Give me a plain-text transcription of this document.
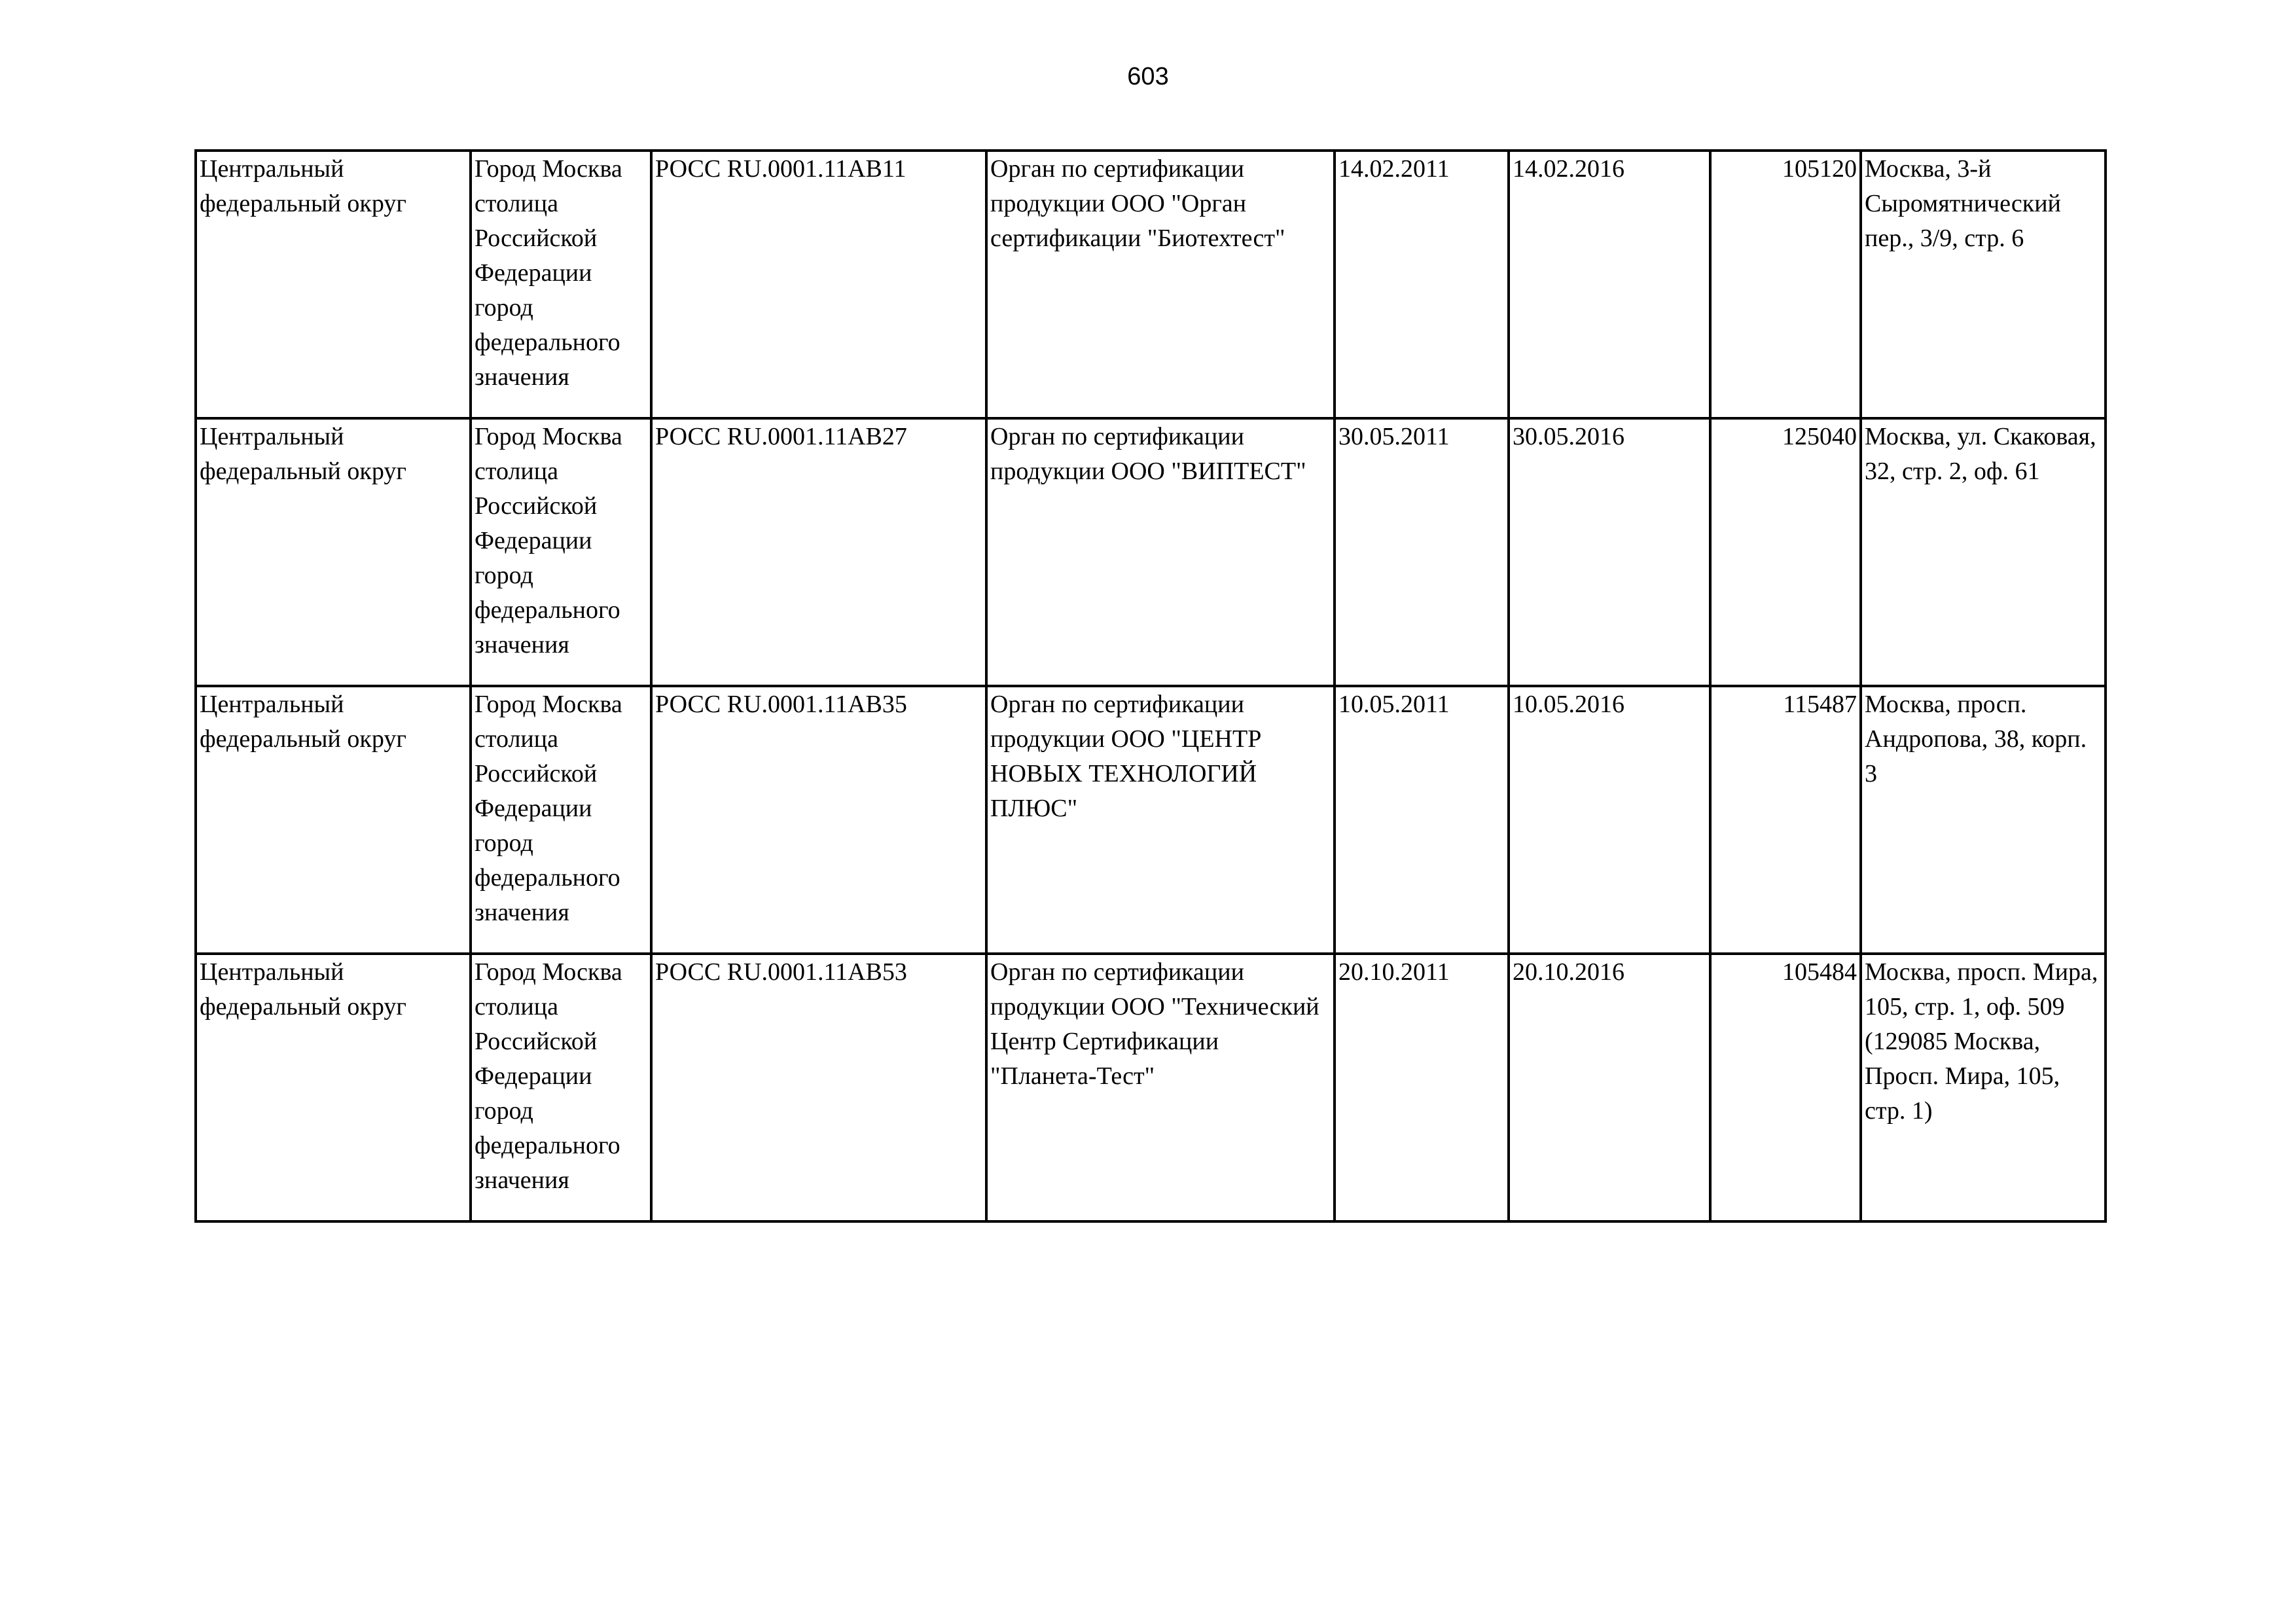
603
Центральный федеральный округ	Город Москва столица Российской Федерации город федерального значения	РОСС RU.0001.11АВ11	Орган по сертификации продукции ООО "Орган сертификации "Биотехтест"	14.02.2011	14.02.2016	105120	Москва, 3-й Сыромятнический пер., 3/9, стр. 6

Центральный федеральный округ	Город Москва столица Российской Федерации город федерального значения	РОСС RU.0001.11АВ27	Орган по сертификации продукции ООО "ВИПТЕСТ"	30.05.2011	30.05.2016	125040	Москва, ул. Скаковая, 32, стр. 2, оф. 61

Центральный федеральный округ	Город Москва столица Российской Федерации город федерального значения	РОСС RU.0001.11АВ35	Орган по сертификации продукции ООО "ЦЕНТР НОВЫХ ТЕХНОЛОГИЙ ПЛЮС"	10.05.2011	10.05.2016	115487	Москва, просп. Андропова, 38, корп. 3

Центральный федеральный округ	Город Москва столица Российской Федерации город федерального значения	РОСС RU.0001.11АВ53	Орган по сертификации продукции ООО "Технический Центр Сертификации "Планета-Тест"	20.10.2011	20.10.2016	105484	Москва, просп. Мира, 105, стр. 1, оф. 509 (129085 Москва, Просп. Мира, 105, стр. 1)
